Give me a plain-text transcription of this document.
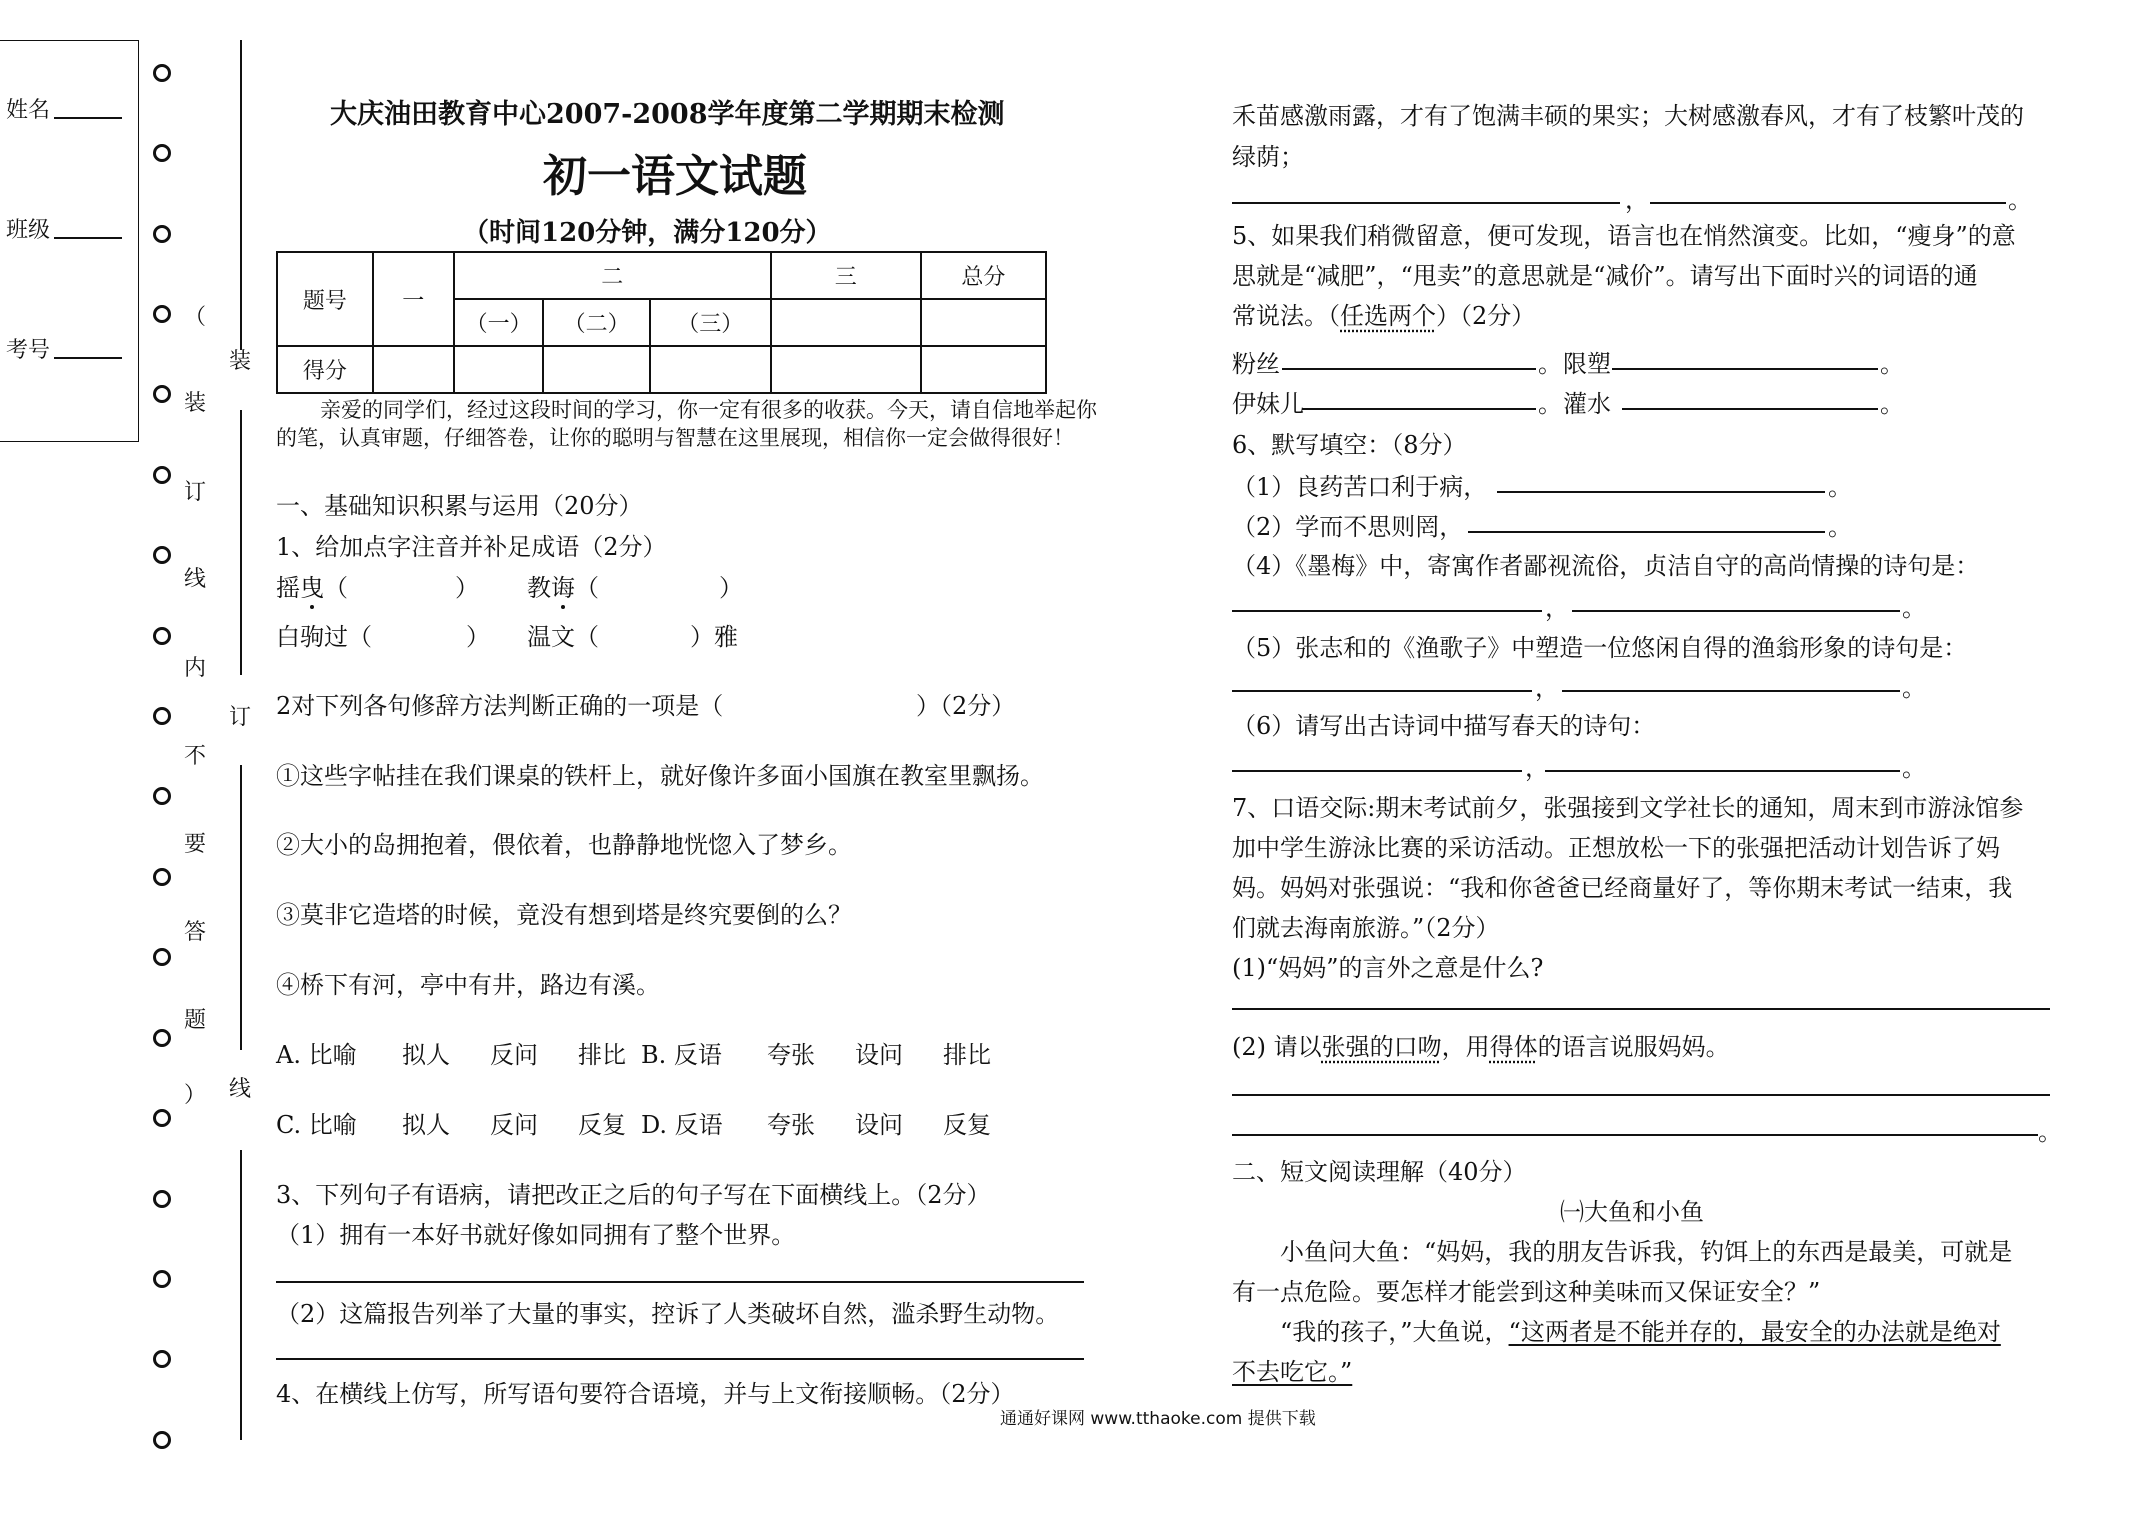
姓名
班级
考号
（
装
订
线
内
不
要
答
题
）
装
订
线
大庆油田教育中心2007-2008学年度第二学期期末检测
初一语文试题
（时间120分钟，满分120分）
题号	一	二			三	总分
		（一）	（二）	（三）		
得分						
亲爱的同学们，经过这段时间的学习，你一定有很多的收获。今天，请自信地举起你的笔，认真审题，仔细答卷，让你的聪明与智慧在这里展现，相信你一定会做得很好！
一、基础知识积累与运用（20分）
1、给加点字注音并补足成语（2分）
摇曳（	） 教诲（	）
白驹过（	） 温文（	）雅
2对下列各句修辞方法判断正确的一项是（	）（2分）
①这些字帖挂在我们课桌的铁杆上，就好像许多面小国旗在教室里飘扬。
②大小的岛拥抱着，偎依着，也静静地恍惚入了梦乡。
③莫非它造塔的时候，竟没有想到塔是终究要倒的么？
④桥下有河，亭中有井，路边有溪。
A. 比喻 拟人 反问 排比 B. 反语 夸张 设问 排比
C. 比喻 拟人 反问 反复 D. 反语 夸张 设问 反复
3、下列句子有语病，请把改正之后的句子写在下面横线上。（2分）
（1）拥有一本好书就好像如同拥有了整个世界。
（2）这篇报告列举了大量的事实，控诉了人类破坏自然，滥杀野生动物。
4、在横线上仿写，所写语句要符合语境，并与上文衔接顺畅。（2分）
禾苗感激雨露，才有了饱满丰硕的果实；大树感激春风，才有了枝繁叶茂的
绿荫；
，	。
5、如果我们稍微留意，便可发现，语言也在悄然演变。比如，“瘦身”的意
思就是“减肥”，“甩卖”的意思就是“减价”。请写出下面时兴的词语的通
常说法。（任选两个）（2分）
粉丝	。 限塑	。
伊妹儿	。 灌水	。
6、默写填空：（8分）
（1）良药苦口利于病，	。
（2）学而不思则罔，	。
（4）《墨梅》中，寄寓作者鄙视流俗，贞洁自守的高尚情操的诗句是：
，	。
（5）张志和的《渔歌子》中塑造一位悠闲自得的渔翁形象的诗句是：
，	。
（6）请写出古诗词中描写春天的诗句：
，	。
7、口语交际:期末考试前夕，张强接到文学社长的通知，周末到市游泳馆参
加中学生游泳比赛的采访活动。正想放松一下的张强把活动计划告诉了妈
妈。妈妈对张强说：“我和你爸爸已经商量好了，等你期末考试一结束，我
们就去海南旅游。”（2分）
(1)“妈妈”的言外之意是什么?
(2) 请以张强的口吻，用得体的语言说服妈妈。
。
二、短文阅读理解（40分）
㈠大鱼和小鱼
小鱼问大鱼：“妈妈，我的朋友告诉我，钓饵上的东西是最美，可就是
有一点危险。要怎样才能尝到这种美味而又保证安全？”
“我的孩子，”大鱼说，“这两者是不能并存的，最安全的办法就是绝对
不去吃它。”
通通好课网 www.tthaoke.com 提供下载
